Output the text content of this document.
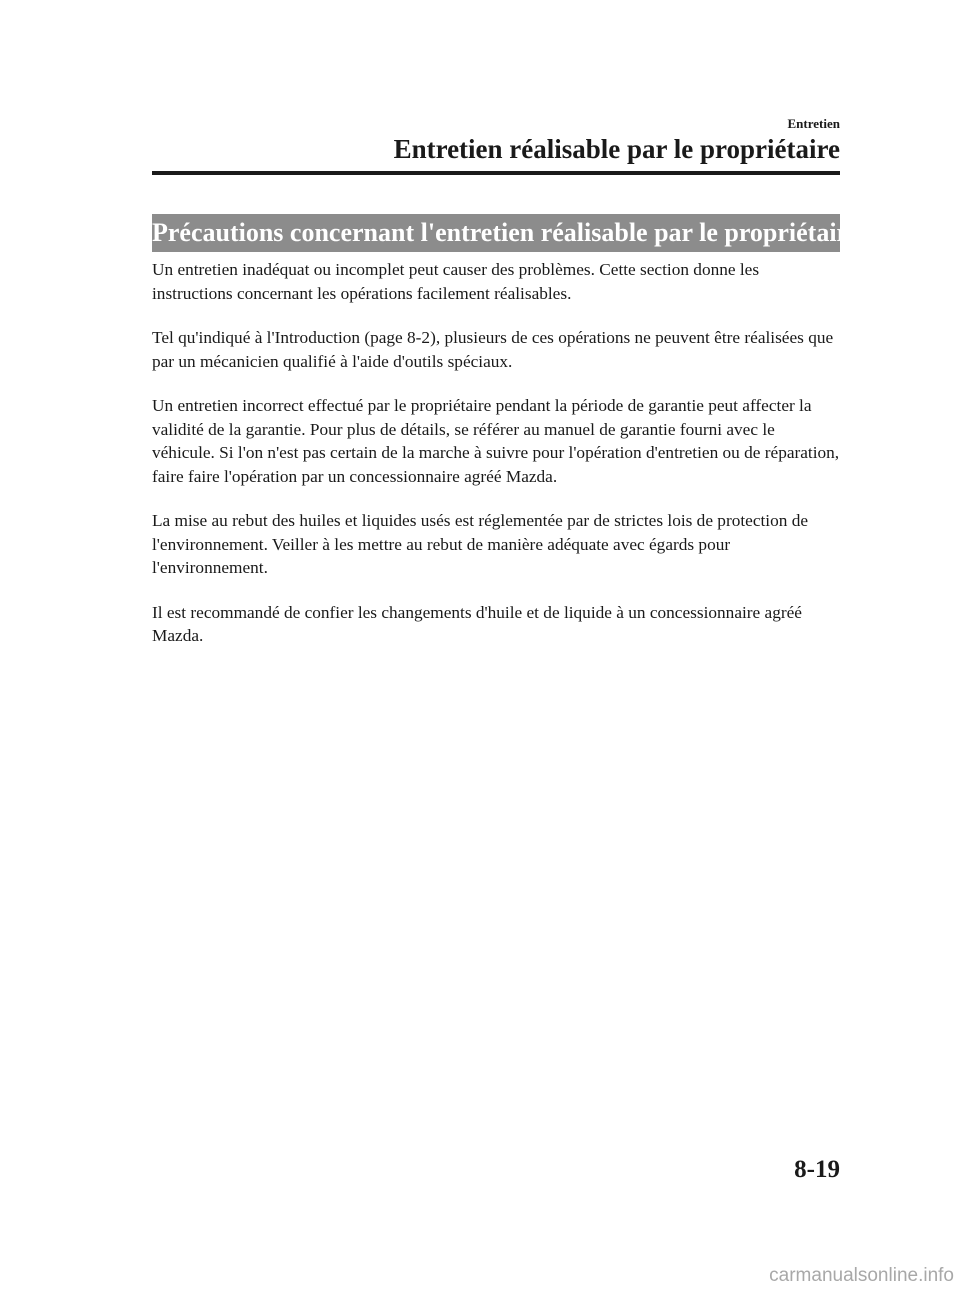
Entretien
Entretien réalisable par le propriétaire
Précautions concernant l'entretien réalisable par le propriétaire

Un entretien inadéquat ou incomplet peut causer des problèmes. Cette section donne les instructions concernant les opérations facilement réalisables.

Tel qu'indiqué à l'Introduction (page 8-2), plusieurs de ces opérations ne peuvent être réalisées que par un mécanicien qualifié à l'aide d'outils spéciaux.

Un entretien incorrect effectué par le propriétaire pendant la période de garantie peut affecter la validité de la garantie. Pour plus de détails, se référer au manuel de garantie fourni avec le véhicule. Si l'on n'est pas certain de la marche à suivre pour l'opération d'entretien ou de réparation, faire faire l'opération par un concessionnaire agréé Mazda.

La mise au rebut des huiles et liquides usés est réglementée par de strictes lois de protection de l'environnement. Veiller à les mettre au rebut de manière adéquate avec égards pour l'environnement.

Il est recommandé de confier les changements d'huile et de liquide à un concessionnaire agréé Mazda.

8-19
carmanualsonline.info
